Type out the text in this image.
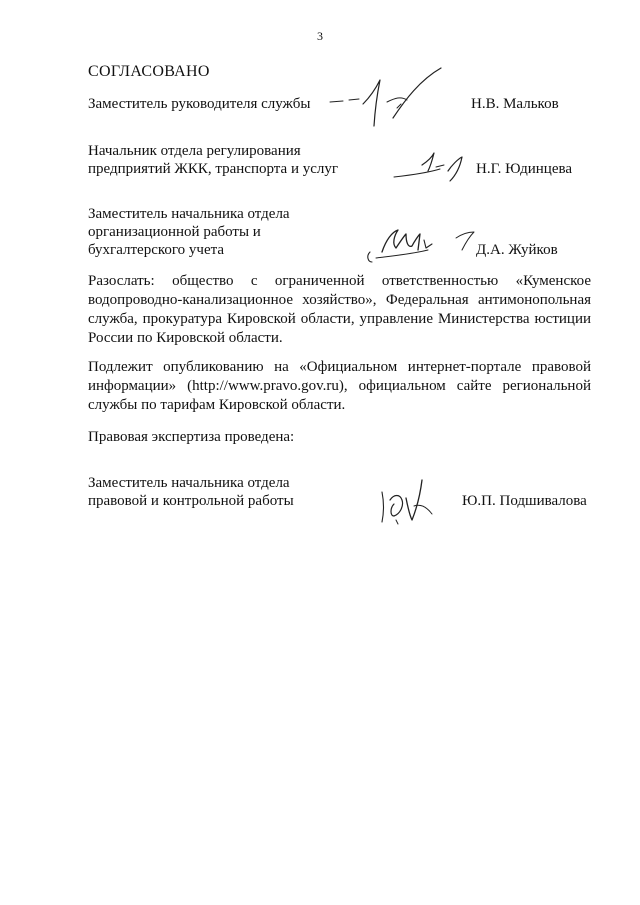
3
СОГЛАСОВАНО
Заместитель руководителя службы	Н.В. Мальков
Начальник отдела регулирования
предприятий ЖКК, транспорта и услуг	Н.Г. Юдинцева
Заместитель начальника отдела
организационной работы и
бухгалтерского учета	Д.А. Жуйков
Разослать: общество с ограниченной ответственностью «Куменское водопроводно-канализационное хозяйство», Федеральная антимонопольная служба, прокуратура Кировской области, управление Министерства юстиции России по Кировской области.
Подлежит опубликованию на «Официальном интернет-портале правовой информации» (http://www.pravo.gov.ru), официальном сайте региональной службы по тарифам Кировской области.
Правовая экспертиза проведена:
Заместитель начальника отдела
правовой и контрольной работы	Ю.П. Подшивалова
